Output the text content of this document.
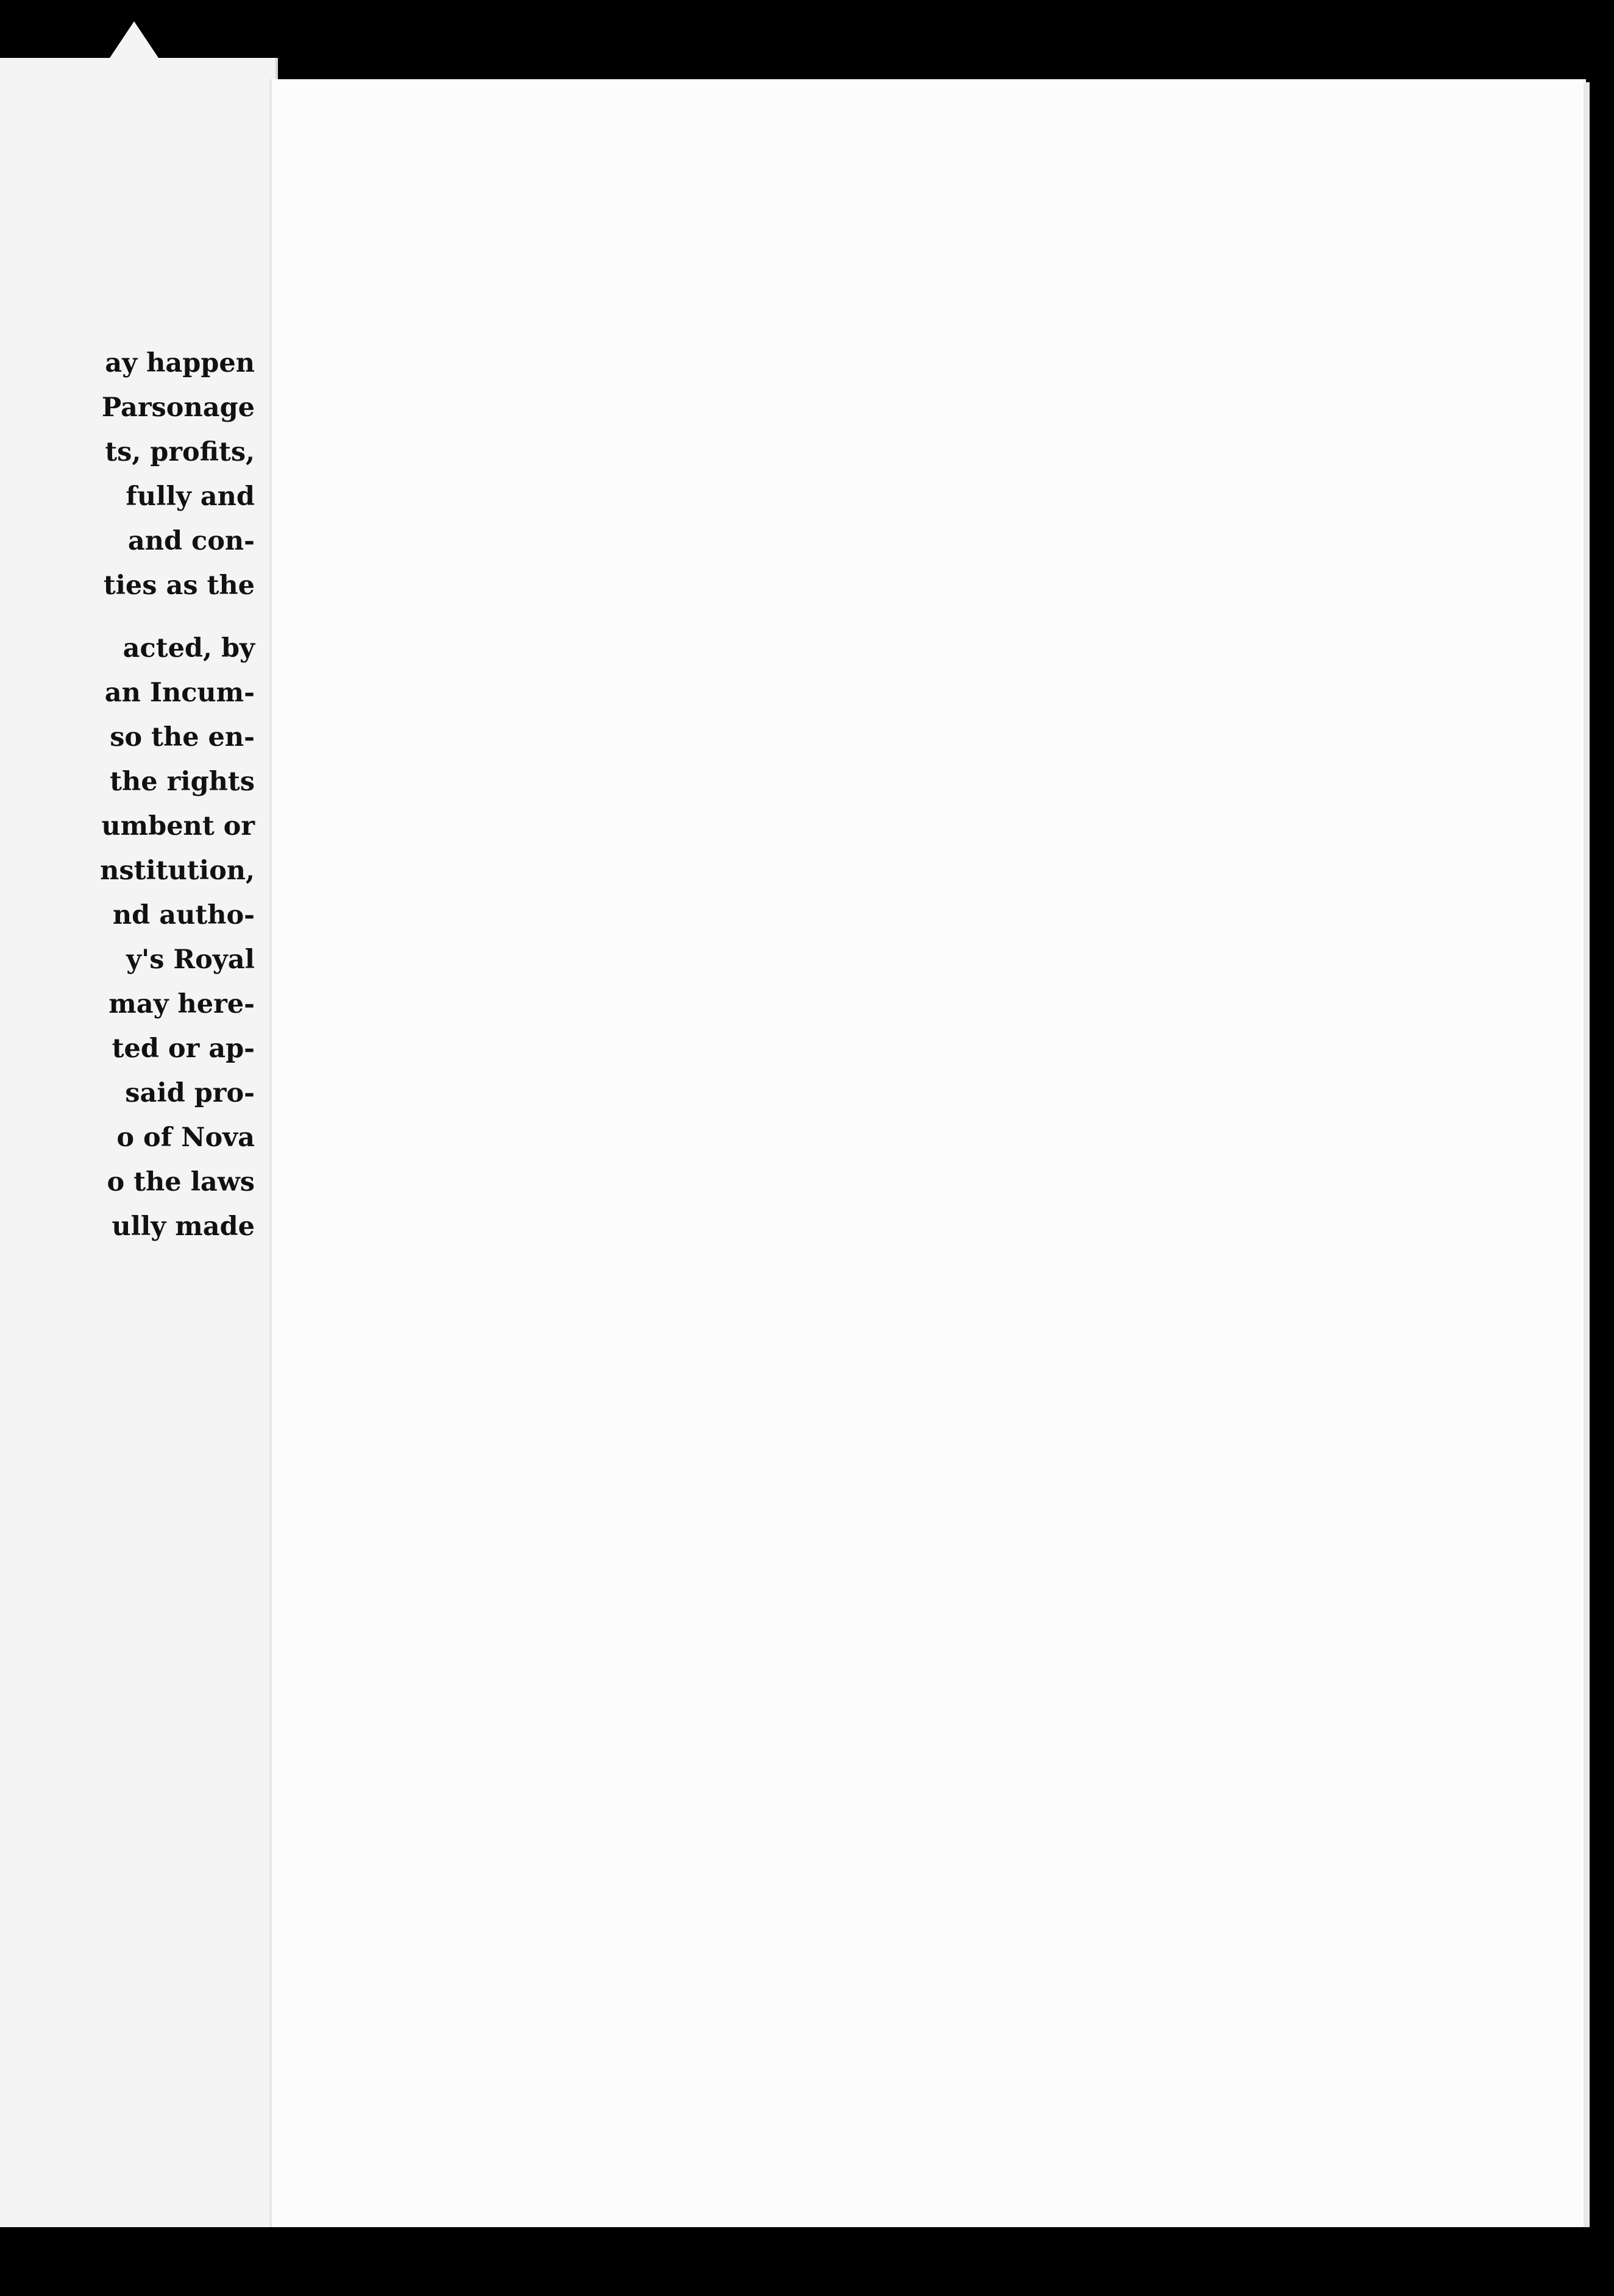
ay happen
Parsonage
ts, profits,
fully and
and con-
ties as the
acted, by
an Incum-
so the en-
the rights
umbent or
nstitution,
nd autho-
y's Royal
may here-
ted or ap-
said pro-
o of Nova
o the laws
ully made
